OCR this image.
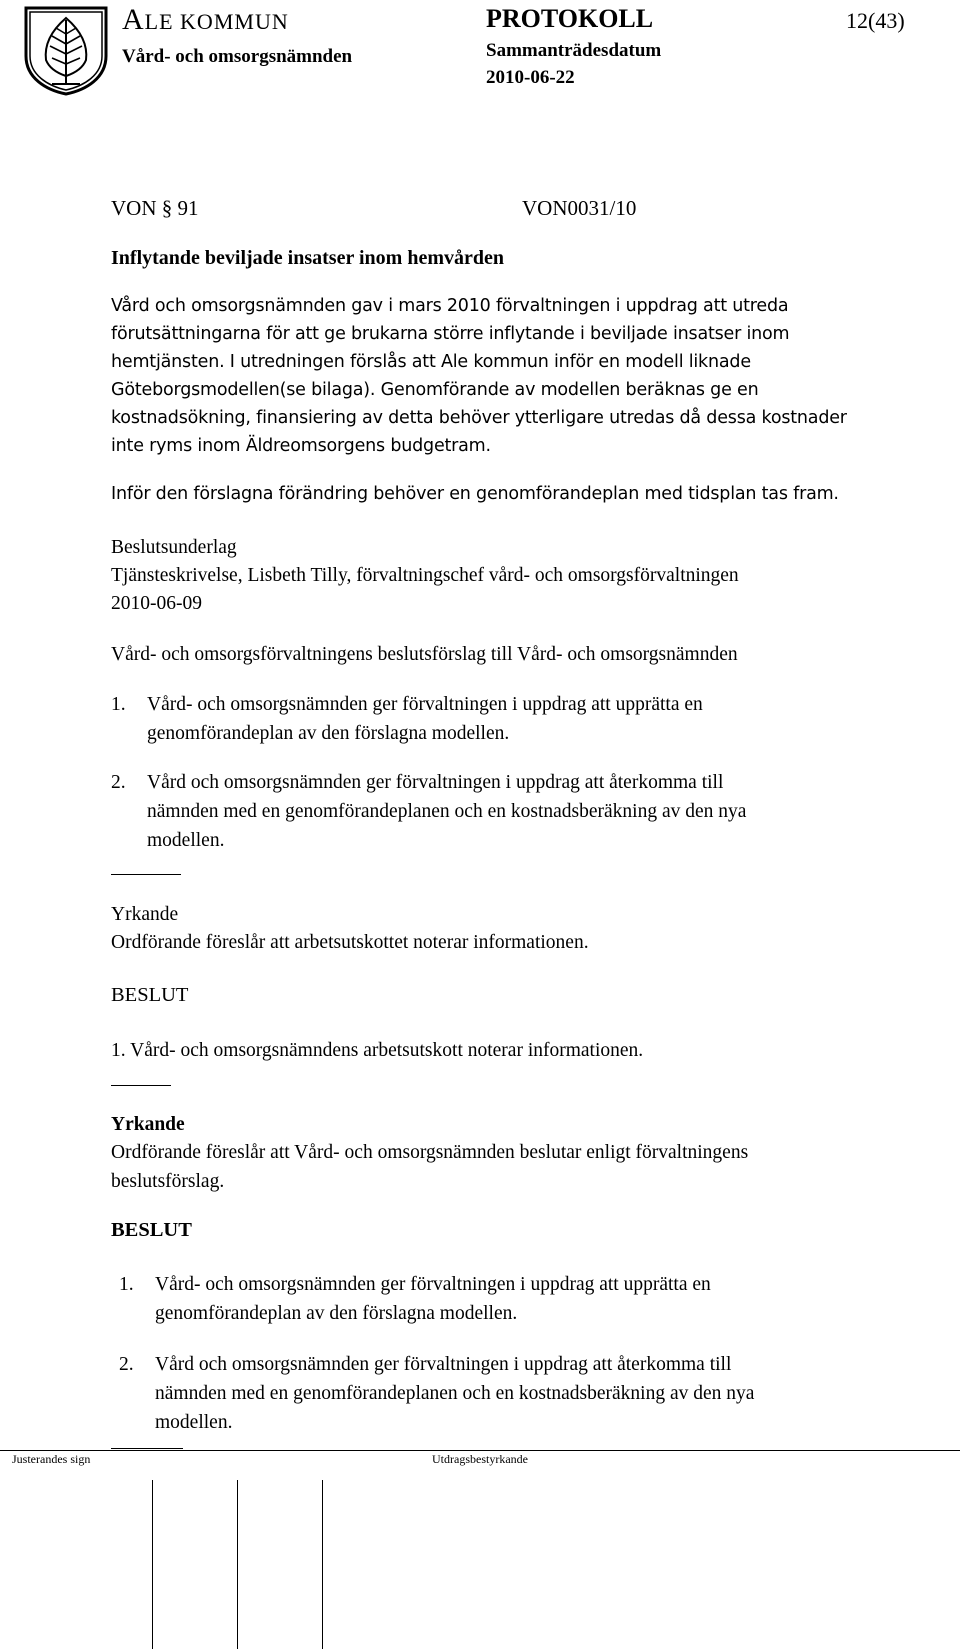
ALE KOMMUN
Vård- och omsorgsnämnden
PROTOKOLL	12(43)
Sammanträdesdatum
2010-06-22
VON § 91	VON0031/10
Inflytande beviljade insatser inom hemvården
Vård och omsorgsnämnden gav i mars 2010 förvaltningen i uppdrag att utreda
förutsättningarna för att ge brukarna större inflytande i beviljade insatser inom
hemtjänsten. I utredningen förslås att Ale kommun inför en modell liknade
Göteborgsmodellen(se bilaga). Genomförande av modellen beräknas ge en
kostnadsökning, finansiering av detta behöver ytterligare utredas då dessa kostnader
inte ryms inom Äldreomsorgens budgetram.
Inför den förslagna förändring behöver en genomförandeplan med tidsplan tas fram.
Beslutsunderlag
Tjänsteskrivelse, Lisbeth Tilly, förvaltningschef vård- och omsorgsförvaltningen
2010-06-09
Vård- och omsorgsförvaltningens beslutsförslag till Vård- och omsorgsnämnden
1. Vård- och omsorgsnämnden ger förvaltningen i uppdrag att upprätta en
genomförandeplan av den förslagna modellen.
2. Vård och omsorgsnämnden ger förvaltningen i uppdrag att återkomma till
nämnden med en genomförandeplanen och en kostnadsberäkning av den nya
modellen.
Yrkande
Ordförande föreslår att arbetsutskottet noterar informationen.
BESLUT
1. Vård- och omsorgsnämndens arbetsutskott noterar informationen.
Yrkande
Ordförande föreslår att Vård- och omsorgsnämnden beslutar enligt förvaltningens
beslutsförslag.
BESLUT
1. Vård- och omsorgsnämnden ger förvaltningen i uppdrag att upprätta en
genomförandeplan av den förslagna modellen.
2. Vård och omsorgsnämnden ger förvaltningen i uppdrag att återkomma till
nämnden med en genomförandeplanen och en kostnadsberäkning av den nya
modellen.
Justerandes sign	Utdragsbestyrkande
